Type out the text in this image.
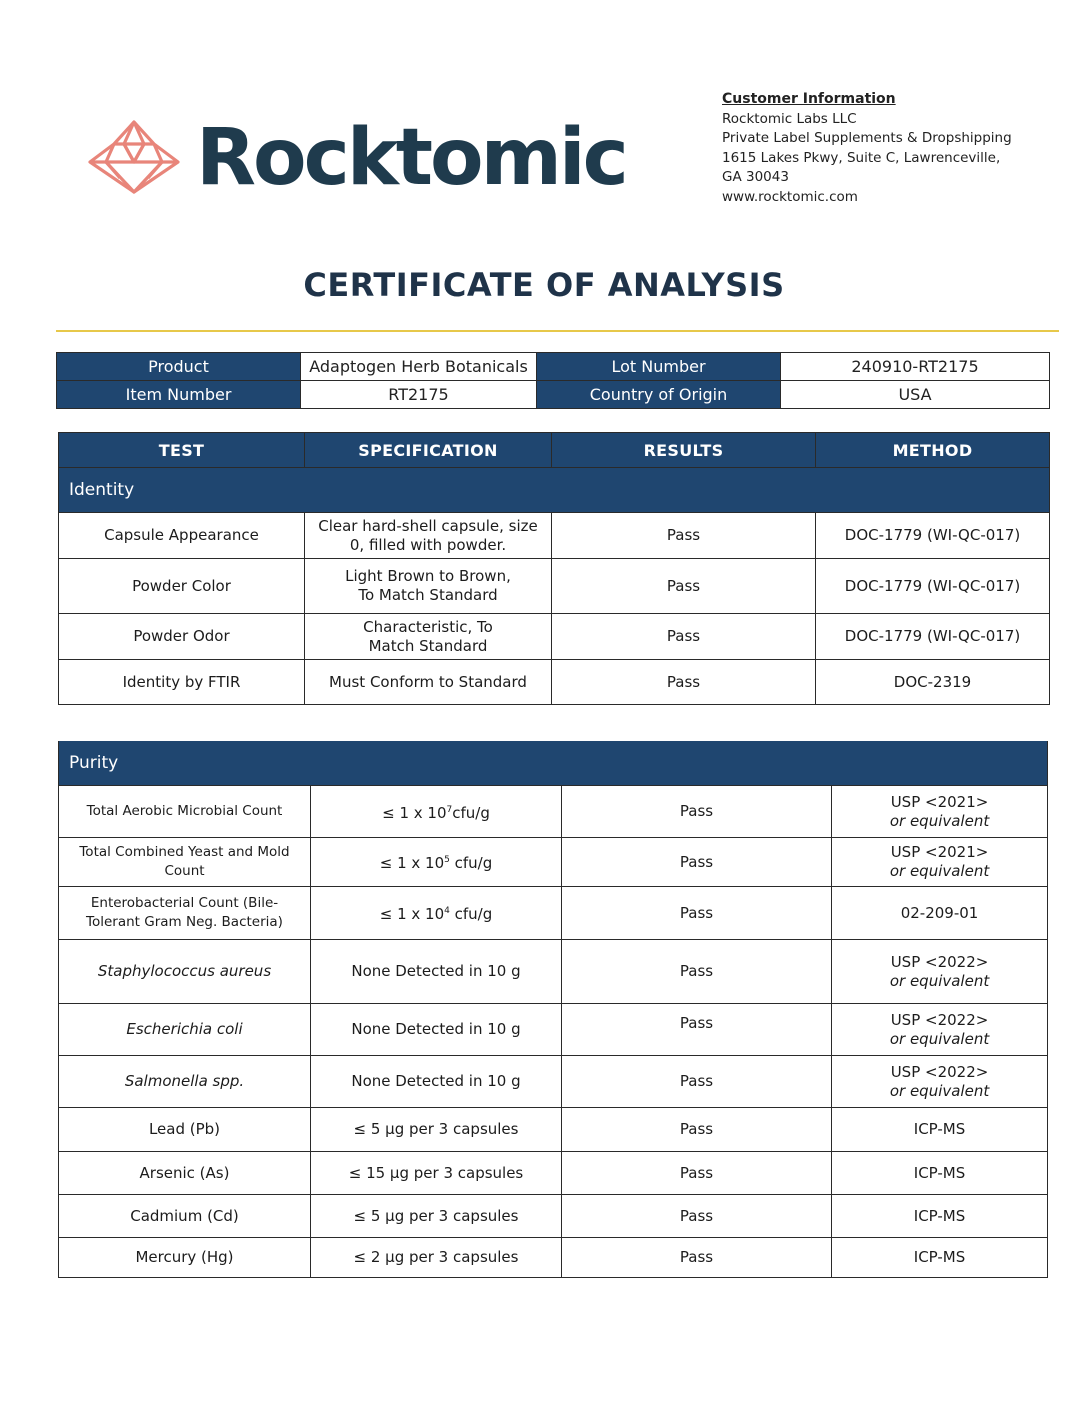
Rocktomic
Customer Information
Rocktomic Labs LLC
Private Label Supplements & Dropshipping
1615 Lakes Pkwy, Suite C, Lawrenceville,
GA 30043
www.rocktomic.com
CERTIFICATE OF ANALYSIS
Product	Adaptogen Herb Botanicals	Lot Number	240910-RT2175
Item Number	RT2175	Country of Origin	USA
TEST	SPECIFICATION	RESULTS	METHOD
Identity			
Capsule Appearance	Clear hard-shell capsule, size 0, filled with powder.	Pass	DOC-1779 (WI-QC-017)
Powder Color	Light Brown to Brown, To Match Standard	Pass	DOC-1779 (WI-QC-017)
Powder Odor	Characteristic, To Match Standard	Pass	DOC-1779 (WI-QC-017)
Identity by FTIR	Must Conform to Standard	Pass	DOC-2319
Purity			
Total Aerobic Microbial Count	≤ 1 x $10^7cfu/g$	Pass	USP <2021>
or equivalent

Total Combined Yeast and Mold Count	≤ 1 x $10^5$ cfu/g	Pass	USP <2021>
or equivalent

Enterobacterial Count (Bile-Tolerant Gram Neg. Bacteria)	≤ 1 x $10^4$ cfu/g	Pass	02-209-01
Staphylococcus aureus	None Detected in 10 g	Pass	USP <2022>
or equivalent

Escherichia coli	None Detected in 10 g	Pass	USP <2022>
or equivalent

Salmonella spp.	None Detected in 10 g	Pass	USP <2022>
or equivalent

Lead (Pb)	≤ 5 µg per 3 capsules	Pass	ICP-MS
Arsenic (As)	≤ 15 µg per 3 capsules	Pass	ICP-MS
Cadmium (Cd)	≤ 5 µg per 3 capsules	Pass	ICP-MS
Mercury (Hg)	≤ 2 µg per 3 capsules	Pass	ICP-MS
